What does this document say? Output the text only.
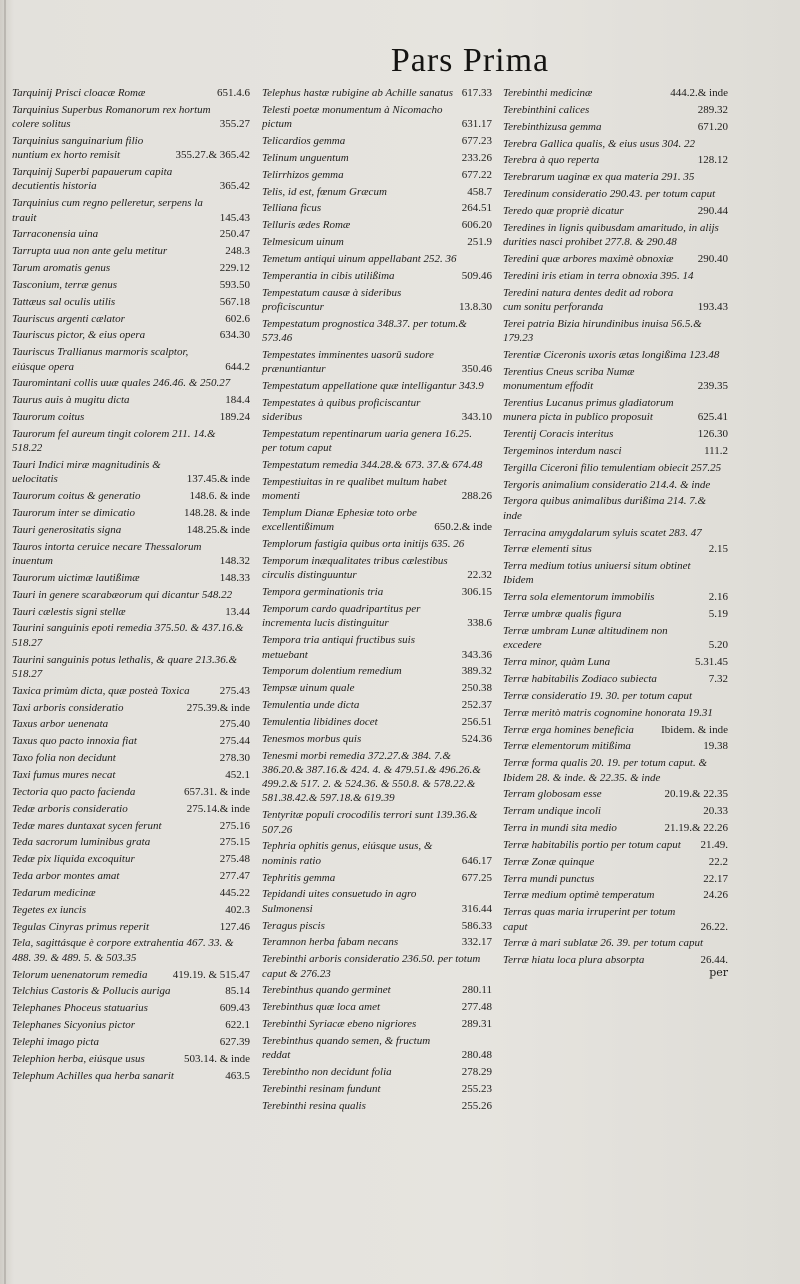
Pars Prima
Tarquinij Prisci cloacæ Romæ	651.4.6
Tarquinius Superbus Romanorum rex hortum colere solitus	355.27
Tarquinius sanguinarium filio nuntium ex horto remisit	355.27.& 365.42
Tarquinij Superbi papauerum capita decutientis historia	365.42
Tarquinius cum regno pelleretur, serpens la trauit	145.43
Tarraconensia uina	250.47
Tarrupta uua non ante gelu metitur	248.3
Tarum aromatis genus	229.12
Tasconium, terræ genus	593.50
Tattæus sal oculis utilis	567.18
Tauriscus argenti cælator	602.6
Tauriscus pictor, & eius opera	634.30
Tauriscus Trallianus marmoris scalptor, eiúsque opera	644.2
Tauromintani collis uuæ quales 246.46. & 250.27
Taurus auis à mugitu dicta	184.4
Taurorum coitus	189.24
Taurorum fel aureum tingit colorem 211. 14.& 518.22
Tauri Indici miræ magnitudinis & uelocitatis	137.45.& inde
Taurorum coitus & generatio	148.6. & inde
Taurorum inter se dimicatio	148.28. & inde
Tauri generositatis signa	148.25.& inde
Tauros intorta ceruice necare Thessalorum inuentum	148.32
Taurorum uictimæ lautißimæ	148.33
Tauri in genere scarabæorum qui dicantur 548.22
Tauri cælestis signi stellæ	13.44
Taurini sanguinis epoti remedia 375.50. & 437.16.& 518.27
Taurini sanguinis potus lethalis, & quare 213.36.& 518.27
Taxica primùm dicta, quæ posteà Toxica	275.43
Taxi arboris consideratio	275.39.& inde
Taxus arbor uenenata	275.40
Taxus quo pacto innoxia fiat	275.44
Taxo folia non decidunt	278.30
Taxi fumus mures necat	452.1
Tectoria quo pacto facienda	657.31. & inde
Tedæ arboris consideratio	275.14.& inde
Tedæ mares duntaxat sycen ferunt	275.16
Teda sacrorum luminibus grata	275.15
Tedæ pix liquida excoquitur	275.48
Teda arbor montes amat	277.47
Tedarum medicinæ	445.22
Tegetes ex iuncis	402.3
Tegulas Cinyras primus reperit	127.46
Tela, sagittásque è corpore extrahentia 467. 33. & 488. 39. & 489. 5. & 503.35
Telorum uenenatorum remedia	419.19. & 515.47
Telchius Castoris & Pollucis auriga	85.14
Telephanes Phoceus statuarius	609.43
Telephanes Sicyonius pictor	622.1
Telephi imago picta	627.39
Telephion herba, eiúsque usus	503.14. & inde
Telephum Achilles qua herba sanarit	463.5
Telephus hastæ rubigine ab Achille sanatus 617.33
Telesti poetæ monumentum à Nicomacho pictum	631.17
Telicardios gemma	677.23
Telinum unguentum	233.26
Telirrhizos gemma	677.22
Telis, id est, fœnum Græcum	458.7
Telliana ficus	264.51
Telluris ædes Romæ	606.20
Telmesicum uinum	251.9
Temetum antiqui uinum appellabant 252. 36
Temperantia in cibis utilißima	509.46
Tempestatum causæ à sideribus proficiscuntur	13.8.30
Tempestatum prognostica 348.37. per totum.& 573.46
Tempestates imminentes uasorū sudore prænuntiantur	350.46
Tempestatum appellatione quæ intelligantur 343.9
Tempestates à quibus proficiscantur sideribus	343.10
Tempestatum repentinarum uaria genera 16.25. per totum caput
Tempestatum remedia 344.28.& 673. 37.& 674.48
Tempestiuitas in re qualibet multum habet momenti	288.26
Templum Dianæ Ephesiæ toto orbe excellentißimum	650.2.& inde
Templorum fastigia quibus orta initijs 635. 26
Temporum inæqualitates tribus cælestibus circulis distinguuntur	22.32
Tempora germinationis tria	306.15
Temporum cardo quadripartitus per incrementa lucis distinguitur	338.6
Tempora tria antiqui fructibus suis metuebant	343.36
Temporum dolentium remedium	389.32
Tempsæ uinum quale	250.38
Temulentia unde dicta	252.37
Temulentia libidines docet	256.51
Tenesmos morbus quis	524.36
Tenesmi morbi remedia 372.27.& 384. 7.& 386.20.& 387.16.& 424. 4. & 479.51.& 496.26.& 499.2.& 517. 2. & 524.36. & 550.8. & 578.22.& 581.38.42.& 597.18.& 619.39
Tentyritæ populi crocodilis terrori sunt 139.36.& 507.26
Tephria ophitis genus, eiúsque usus, & nominis ratio	646.17
Tephritis gemma	677.25
Tepidandi uites consuetudo in agro Sulmonensi	316.44
Teragus piscis	586.33
Teramnon herba fabam necans	332.17
Terebinthi arboris consideratio 236.50. per totum caput & 276.23
Terebinthus quando germinet	280.11
Terebinthus quæ loca amet	277.48
Terebinthi Syriacæ ebeno nigriores	289.31
Terebinthus quando semen, & fructum reddat	280.48
Terebintho non decidunt folia	278.29
Terebinthi resinam fundunt	255.23
Terebinthi resina qualis	255.26
Terebinthi medicinæ	444.2.& inde
Terebinthini calices	289.32
Terebinthizusa gemma	671.20
Terebra Gallica qualis, & eius usus 304. 22
Terebra à quo reperta	128.12
Terebrarum uaginæ ex qua materia 291. 35
Teredinum consideratio 290.43. per totum caput
Teredo quæ propriè dicatur	290.44
Teredines in lignis quibusdam amaritudo, in alijs durities nasci prohibet 277.8. & 290.48
Teredini quæ arbores maximè obnoxiæ	290.40
Teredini iris etiam in terra obnoxia 395. 14
Teredini natura dentes dedit ad robora cum sonitu perforanda	193.43
Terei patria Bizia hirundinibus inuisa 56.5.& 179.23
Terentiæ Ciceronis uxoris ætas longißima 123.48
Terentius Cneus scriba Numæ monumentum effodit	239.35
Terentius Lucanus primus gladiatorum munera picta in publico proposuit	625.41
Terentij Coracis interitus	126.30
Tergeminos interdum nasci	111.2
Tergilla Ciceroni filio temulentiam obiecit 257.25
Tergoris animalium consideratio 214.4. & inde
Tergora quibus animalibus durißima 214. 7.& inde
Terracina amygdalarum syluis scatet 283. 47
Terræ elementi situs	2.15
Terra medium totius uniuersi situm obtinet Ibidem
Terra sola elementorum immobilis	2.16
Terræ umbræ qualis figura	5.19
Terræ umbram Lunæ altitudinem non excedere	5.20
Terra minor, quàm Luna	5.31.45
Terræ habitabilis Zodiaco subiecta	7.32
Terræ consideratio 19. 30. per totum caput
Terræ meritò matris cognomine honorata 19.31
Terræ erga homines beneficia	Ibidem. & inde
Terræ elementorum mitißima	19.38
Terræ forma qualis 20. 19. per totum caput. & Ibidem 28. & inde. & 22.35. & inde
Terram globosam esse	20.19.& 22.35
Terram undique incoli	20.33
Terra in mundi sita medio	21.19.& 22.26
Terræ habitabilis portio per totum caput	21.49.
Terræ Zonæ quinque	22.2
Terra mundi punctus	22.17
Terræ medium optimè temperatum	24.26
Terras quas maria irruperint per totum caput	26.22.
Terræ à mari sublatæ 26. 39. per totum caput
Terræ hiatu loca plura absorpta	26.44.
per
